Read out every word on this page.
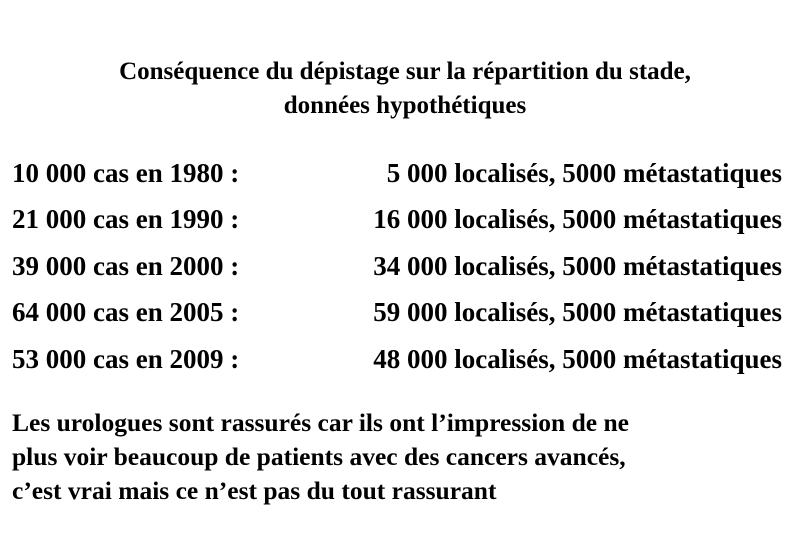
Conséquence du dépistage sur la répartition du stade,
données hypothétiques
10 000 cas en 1980 :	5 000 localisés, 5000 métastatiques
21 000 cas en 1990 :	16 000 localisés, 5000 métastatiques
39 000 cas en 2000 :	34 000 localisés, 5000 métastatiques
64 000 cas en 2005 :	59 000 localisés, 5000 métastatiques
53 000 cas en 2009 :	48 000 localisés, 5000 métastatiques
Les urologues sont rassurés car ils ont l’impression de ne
plus voir beaucoup de patients avec des cancers avancés,
c’est vrai mais ce n’est pas du tout rassurant
